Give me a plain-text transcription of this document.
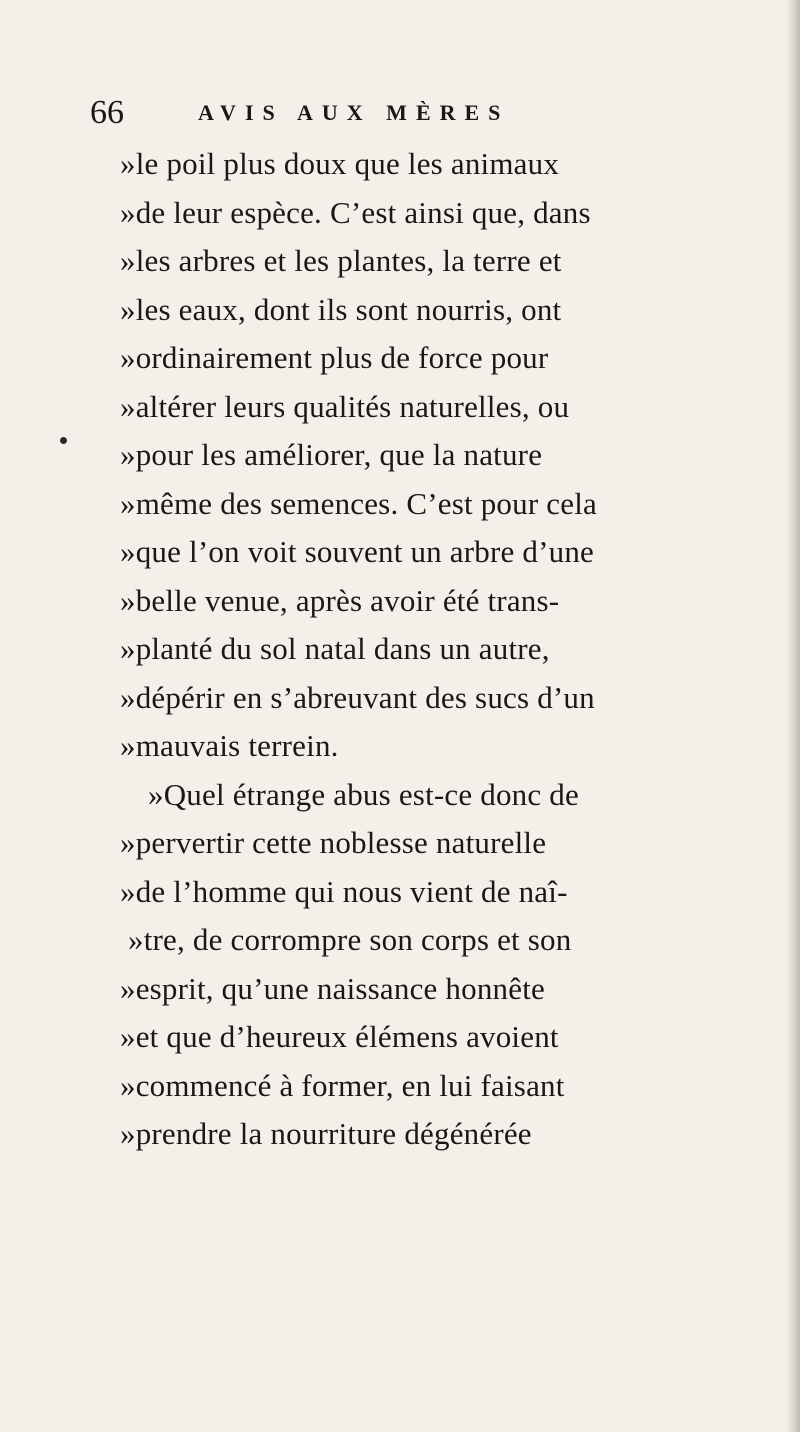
66	AVIS AUX MÈRES
»le poil plus doux que les animaux
»de leur espèce. C’est ainsi que, dans
»les arbres et les plantes, la terre et
»les eaux, dont ils sont nourris, ont
»ordinairement plus de force pour
»altérer leurs qualités naturelles, ou
»pour les améliorer, que la nature
»même des semences. C’est pour cela
»que l’on voit souvent un arbre d’une
»belle venue, après avoir été trans-
»planté du sol natal dans un autre,
»dépérir en s’abreuvant des sucs d’un
»mauvais terrein.
»Quel étrange abus est-ce donc de
»pervertir cette noblesse naturelle
»de l’homme qui nous vient de naî-
»tre, de corrompre son corps et son
»esprit, qu’une naissance honnête
»et que d’heureux élémens avoient
»commencé à former, en lui faisant
»prendre la nourriture dégénérée
